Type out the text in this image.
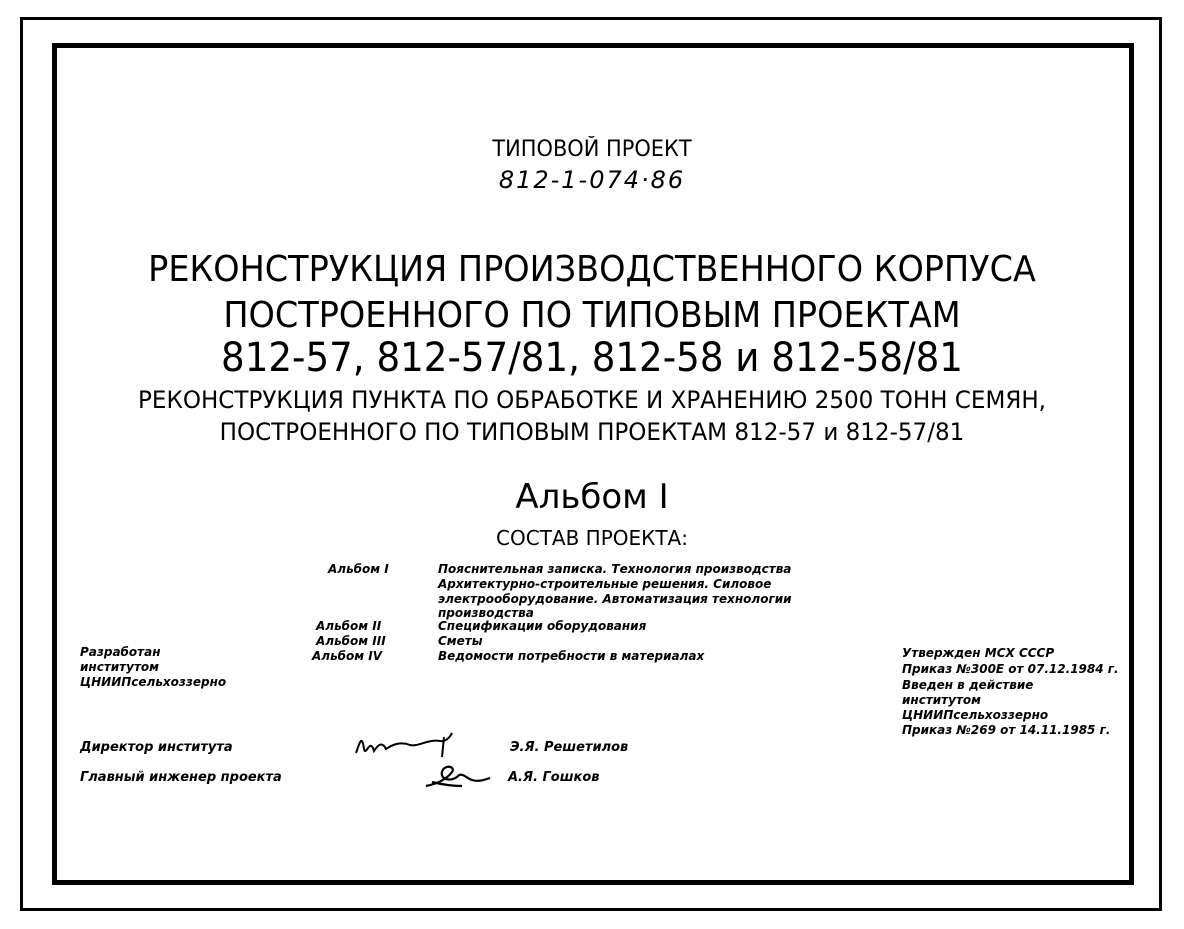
ТИПОВОЙ ПРОЕКТ
812-1-074·86
РЕКОНСТРУКЦИЯ ПРОИЗВОДСТВЕННОГО КОРПУСА
ПОСТРОЕННОГО ПО ТИПОВЫМ ПРОЕКТАМ
812-57, 812-57/81, 812-58 и 812-58/81
РЕКОНСТРУКЦИЯ ПУНКТА ПО ОБРАБОТКЕ И ХРАНЕНИЮ 2500 ТОНН СЕМЯН,
ПОСТРОЕННОГО ПО ТИПОВЫМ ПРОЕКТАМ 812-57 и 812-57/81
Альбом I
СОСТАВ ПРОЕКТА:
Альбом I	Пояснительная записка. Технология производства
Архитектурно-строительные решения. Силовое
электрооборудование. Автоматизация технологии
производства
Альбом II	Спецификации оборудования
Альбом III	Сметы
Альбом IV	Ведомости потребности в материалах
Разработан
институтом
ЦНИИПсельхоззерно
Утвержден МСХ СССР
Приказ №300Е от 07.12.1984 г.
Введен в действие
институтом
ЦНИИПсельхоззерно
Приказ №269 от 14.11.1985 г.
Директор института	Э.Я. Решетилов
Главный инженер проекта	А.Я. Гошков
